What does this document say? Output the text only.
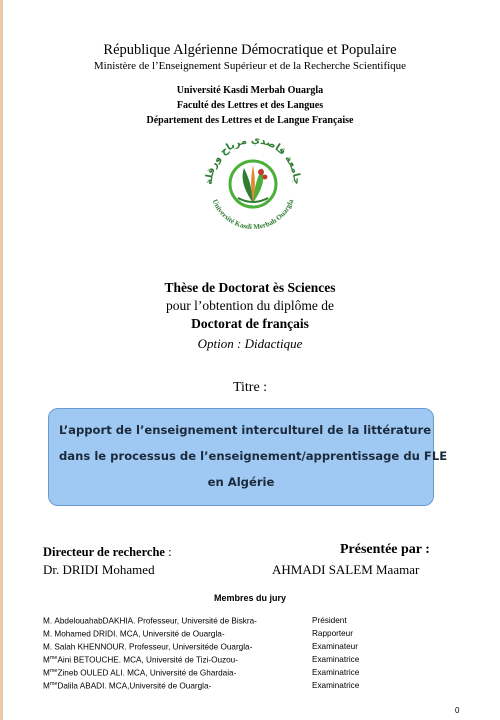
République Algérienne Démocratique et Populaire
Ministère de l’Enseignement Supérieur et de la Recherche Scientifique
Université Kasdi Merbah Ouargla
Faculté des Lettres et des Langues
Département des Lettres et de Langue Française
جامعة قاصدي مرباح ورقلة
Université Kasdi Merbah Ouargla
Thèse de Doctorat ès Sciences
pour l’obtention du diplôme de
Doctorat de français
Option : Didactique
Titre :
L’apport de l’enseignement interculturel de la littérature
dans le processus de l’enseignement/apprentissage du FLE
en Algérie
Directeur de recherche :
Dr. DRIDI Mohamed
Présentée par :
AHMADI SALEM Maamar
Membres du jury
M. AbdelouahabDAKHIA. Professeur, Université de Biskra-	Président
M. Mohamed DRIDI. MCA, Université de Ouargla-	Rapporteur
M. Salah KHENNOUR. Professeur, Universitéde Ouargla-	Examinateur
$M^{me}Aini$ BETOUCHE. MCA, Université de Tizi-Ouzou-	Examinatrice
$M^{me}Zineb$ OULED ALI. MCA, Université de Ghardaia-	Examinatrice
$M^{me}Dalila$ ABADI. MCA,Université de Ouargla-	Examinatrice
0
